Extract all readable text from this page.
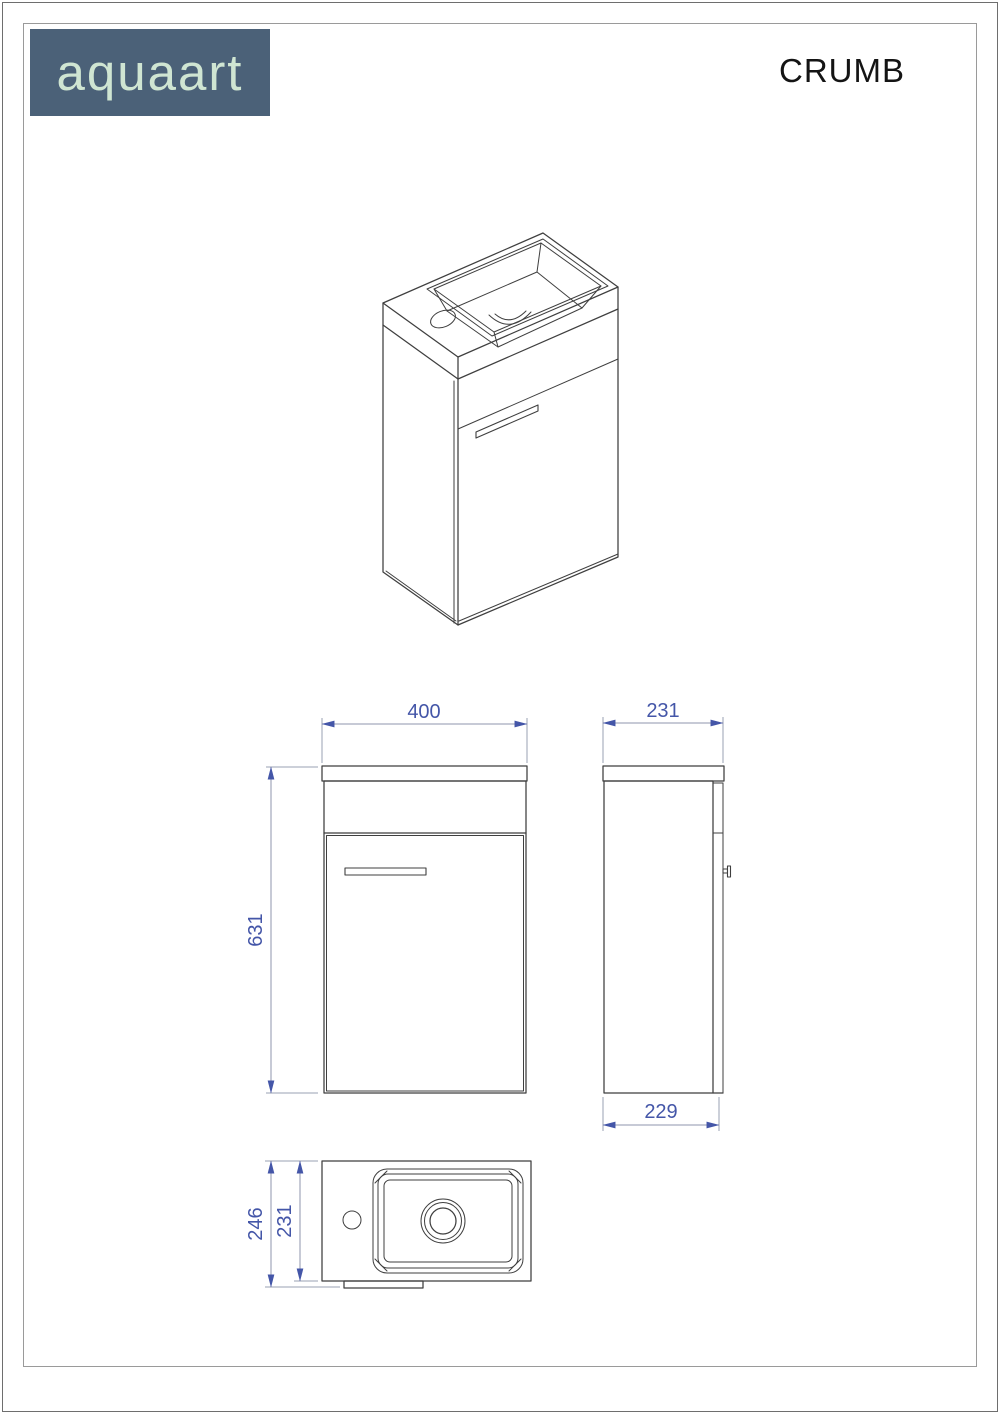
aquaart	CRUMB
400
631
231
229
246 231
